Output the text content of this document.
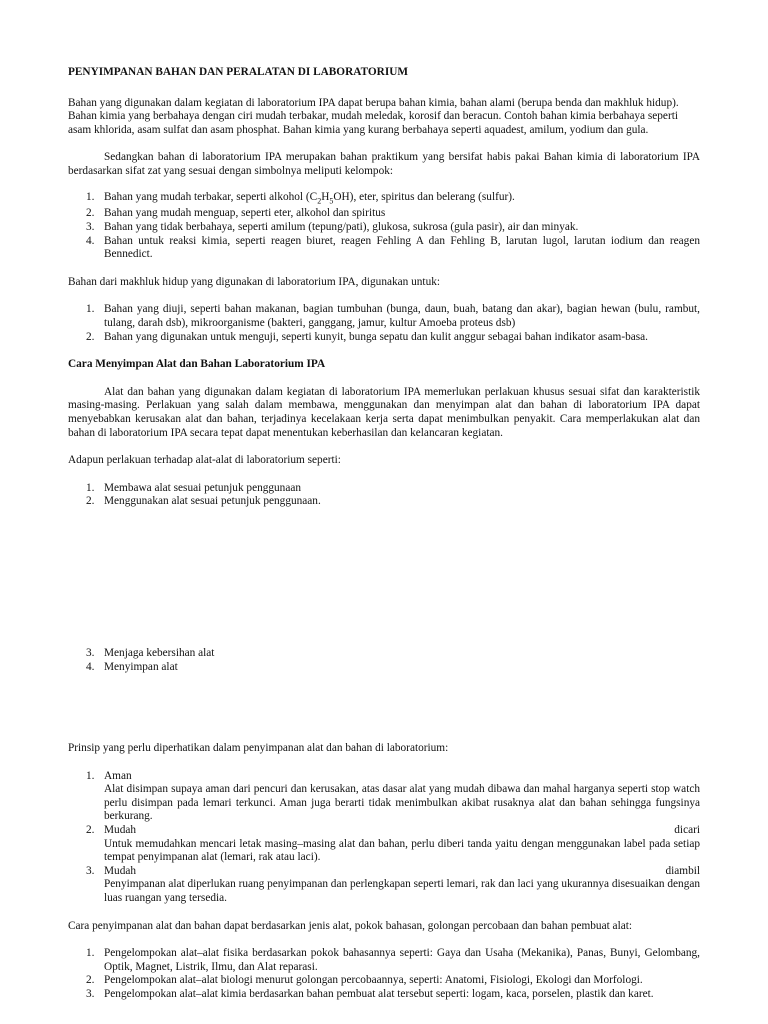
PENYIMPANAN BAHAN DAN PERALATAN DI LABORATORIUM

Bahan yang digunakan dalam kegiatan di laboratorium IPA dapat berupa bahan kimia, bahan alami (berupa benda dan makhluk hidup). Bahan kimia yang berbahaya dengan ciri mudah terbakar, mudah meledak, korosif dan beracun. Contoh bahan kimia berbahaya seperti asam khlorida, asam sulfat dan asam phosphat. Bahan kimia yang kurang berbahaya seperti aquadest, amilum, yodium dan gula.

Sedangkan bahan di laboratorium IPA merupakan bahan praktikum yang bersifat habis pakai Bahan kimia di laboratorium IPA berdasarkan sifat zat yang sesuai dengan simbolnya meliputi kelompok:

1. Bahan yang mudah terbakar, seperti alkohol $(C_2H_5OH)$, eter, spiritus dan belerang (sulfur).
2. Bahan yang mudah menguap, seperti eter, alkohol dan spiritus
3. Bahan yang tidak berbahaya, seperti amilum (tepung/pati), glukosa, sukrosa (gula pasir), air dan minyak.
4. Bahan untuk reaksi kimia, seperti reagen biuret, reagen Fehling A dan Fehling B, larutan lugol, larutan iodium dan reagen Bennedict.

Bahan dari makhluk hidup yang digunakan di laboratorium IPA, digunakan untuk:

1. Bahan yang diuji, seperti bahan makanan, bagian tumbuhan (bunga, daun, buah, batang dan akar), bagian hewan (bulu, rambut, tulang, darah dsb), mikroorganisme (bakteri, ganggang, jamur, kultur Amoeba proteus dsb)
2. Bahan yang digunakan untuk menguji, seperti kunyit, bunga sepatu dan kulit anggur sebagai bahan indikator asam-basa.
Cara Menyimpan Alat dan Bahan Laboratorium IPA

Alat dan bahan yang digunakan dalam kegiatan di laboratorium IPA memerlukan perlakuan khusus sesuai sifat dan karakteristik masing-masing. Perlakuan yang salah dalam membawa, menggunakan dan menyimpan alat dan bahan di laboratorium IPA dapat menyebabkan kerusakan alat dan bahan, terjadinya kecelakaan kerja serta dapat menimbulkan penyakit. Cara memperlakukan alat dan bahan di laboratorium IPA secara tepat dapat menentukan keberhasilan dan kelancaran kegiatan.

Adapun perlakuan terhadap alat-alat di laboratorium seperti:

1. Membawa alat sesuai petunjuk penggunaan
2. Menggunakan alat sesuai petunjuk penggunaan.
3. Menjaga kebersihan alat
4. Menyimpan alat

Prinsip yang perlu diperhatikan dalam penyimpanan alat dan bahan di laboratorium:

1. Aman
Alat disimpan supaya aman dari pencuri dan kerusakan, atas dasar alat yang mudah dibawa dan mahal harganya seperti stop watch perlu disimpan pada lemari terkunci. Aman juga berarti tidak menimbulkan akibat rusaknya alat dan bahan sehingga fungsinya berkurang.
2. Mudah	dicari
Untuk memudahkan mencari letak masing–masing alat dan bahan, perlu diberi tanda yaitu dengan menggunakan label pada setiap tempat penyimpanan alat (lemari, rak atau laci).
3. Mudah	diambil
Penyimpanan alat diperlukan ruang penyimpanan dan perlengkapan seperti lemari, rak dan laci yang ukurannya disesuaikan dengan luas ruangan yang tersedia.

Cara penyimpanan alat dan bahan dapat berdasarkan jenis alat, pokok bahasan, golongan percobaan dan bahan pembuat alat:

1. Pengelompokan alat–alat fisika berdasarkan pokok bahasannya seperti: Gaya dan Usaha (Mekanika), Panas, Bunyi, Gelombang, Optik, Magnet, Listrik, Ilmu, dan Alat reparasi.
2. Pengelompokan alat–alat biologi menurut golongan percobaannya, seperti: Anatomi, Fisiologi, Ekologi dan Morfologi.
3. Pengelompokan alat–alat kimia berdasarkan bahan pembuat alat tersebut seperti: logam, kaca, porselen, plastik dan karet.
